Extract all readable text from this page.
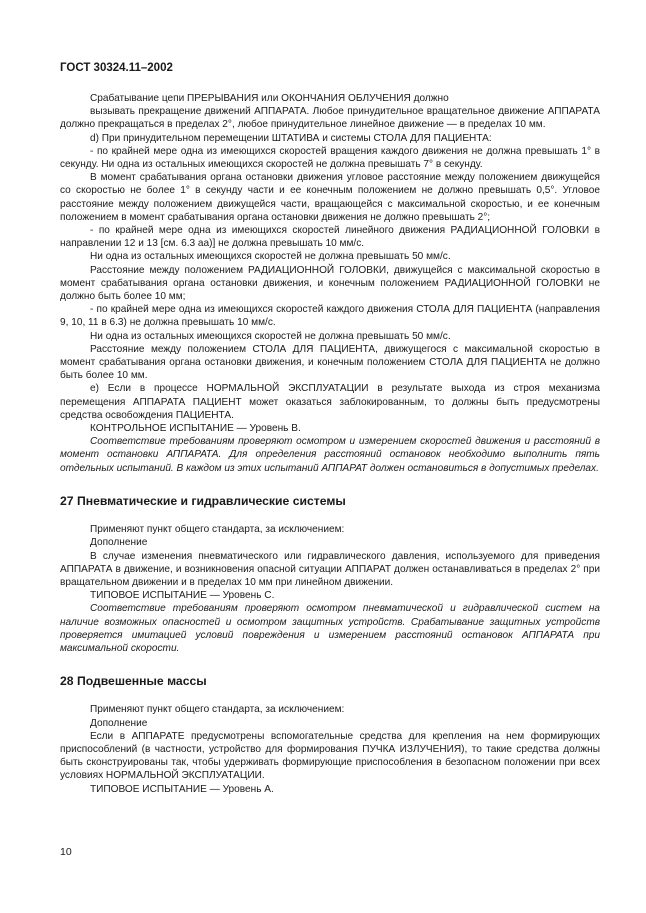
ГОСТ 30324.11–2002

Срабатывание цепи ПРЕРЫВАНИЯ или ОКОНЧАНИЯ ОБЛУЧЕНИЯ должно

вызывать прекращение движений АППАРАТА. Любое принудительное вращательное движение АППАРАТА должно прекращаться в пределах 2°, любое принудительное линейное движение — в пределах 10 мм.

d) При принудительном перемещении ШТАТИВА и системы СТОЛА ДЛЯ ПАЦИЕНТА:

- по крайней мере одна из имеющихся скоростей вращения каждого движения не должна превышать 1° в секунду. Ни одна из остальных имеющихся скоростей не должна превышать 7° в секунду.

В момент срабатывания органа остановки движения угловое расстояние между положением движущейся со скоростью не более 1° в секунду части и ее конечным положением не должно превышать 0,5°. Угловое расстояние между положением движущейся части, вращающейся с максимальной скоростью, и ее конечным положением в момент срабатывания органа остановки движения не должно превышать 2°;

- по крайней мере одна из имеющихся скоростей линейного движения РАДИАЦИОННОЙ ГОЛОВКИ в направлении 12 и 13 [см. 6.3 аа)] не должна превышать 10 мм/с.

Ни одна из остальных имеющихся скоростей не должна превышать 50 мм/с.

Расстояние между положением РАДИАЦИОННОЙ ГОЛОВКИ, движущейся с максимальной скоростью в момент срабатывания органа остановки движения, и конечным положением РАДИАЦИОННОЙ ГОЛОВКИ не должно быть более 10 мм;

- по крайней мере одна из имеющихся скоростей каждого движения СТОЛА ДЛЯ ПАЦИЕНТА (направления 9, 10, 11 в 6.3) не должна превышать 10 мм/с.

Ни одна из остальных имеющихся скоростей не должна превышать 50 мм/с.

Расстояние между положением СТОЛА ДЛЯ ПАЦИЕНТА, движущегося с максимальной скоростью в момент срабатывания органа остановки движения, и конечным положением СТОЛА ДЛЯ ПАЦИЕНТА не должно быть более 10 мм.

е) Если в процессе НОРМАЛЬНОЙ ЭКСПЛУАТАЦИИ в результате выхода из строя механизма перемещения АППАРАТА ПАЦИЕНТ может оказаться заблокированным, то должны быть предусмотрены средства освобождения ПАЦИЕНТА.

КОНТРОЛЬНОЕ ИСПЫТАНИЕ — Уровень В.

Соответствие требованиям проверяют осмотром и измерением скоростей движения и расстояний в момент остановки АППАРАТА. Для определения расстояний остановок необходимо выполнить пять отдельных испытаний. В каждом из этих испытаний АППАРАТ должен остановиться в допустимых пределах.

27 Пневматические и гидравлические системы

Применяют пункт общего стандарта, за исключением:

Дополнение

В случае изменения пневматического или гидравлического давления, используемого для приведения АППАРАТА в движение, и возникновения опасной ситуации АППАРАТ должен останавливаться в пределах 2° при вращательном движении и в пределах 10 мм при линейном движении.

ТИПОВОЕ ИСПЫТАНИЕ — Уровень С.

Соответствие требованиям проверяют осмотром пневматической и гидравлической систем на наличие возможных опасностей и осмотром защитных устройств. Срабатывание защитных устройств проверяется имитацией условий повреждения и измерением расстояний остановок АППАРАТА при максимальной скорости.

28 Подвешенные массы

Применяют пункт общего стандарта, за исключением:

Дополнение

Если в АППАРАТЕ предусмотрены вспомогательные средства для крепления на нем формирующих приспособлений (в частности, устройство для формирования ПУЧКА ИЗЛУЧЕНИЯ), то такие средства должны быть сконструированы так, чтобы удерживать формирующие приспособления в безопасном положении при всех условиях НОРМАЛЬНОЙ ЭКСПЛУАТАЦИИ.

ТИПОВОЕ ИСПЫТАНИЕ — Уровень А.

10
